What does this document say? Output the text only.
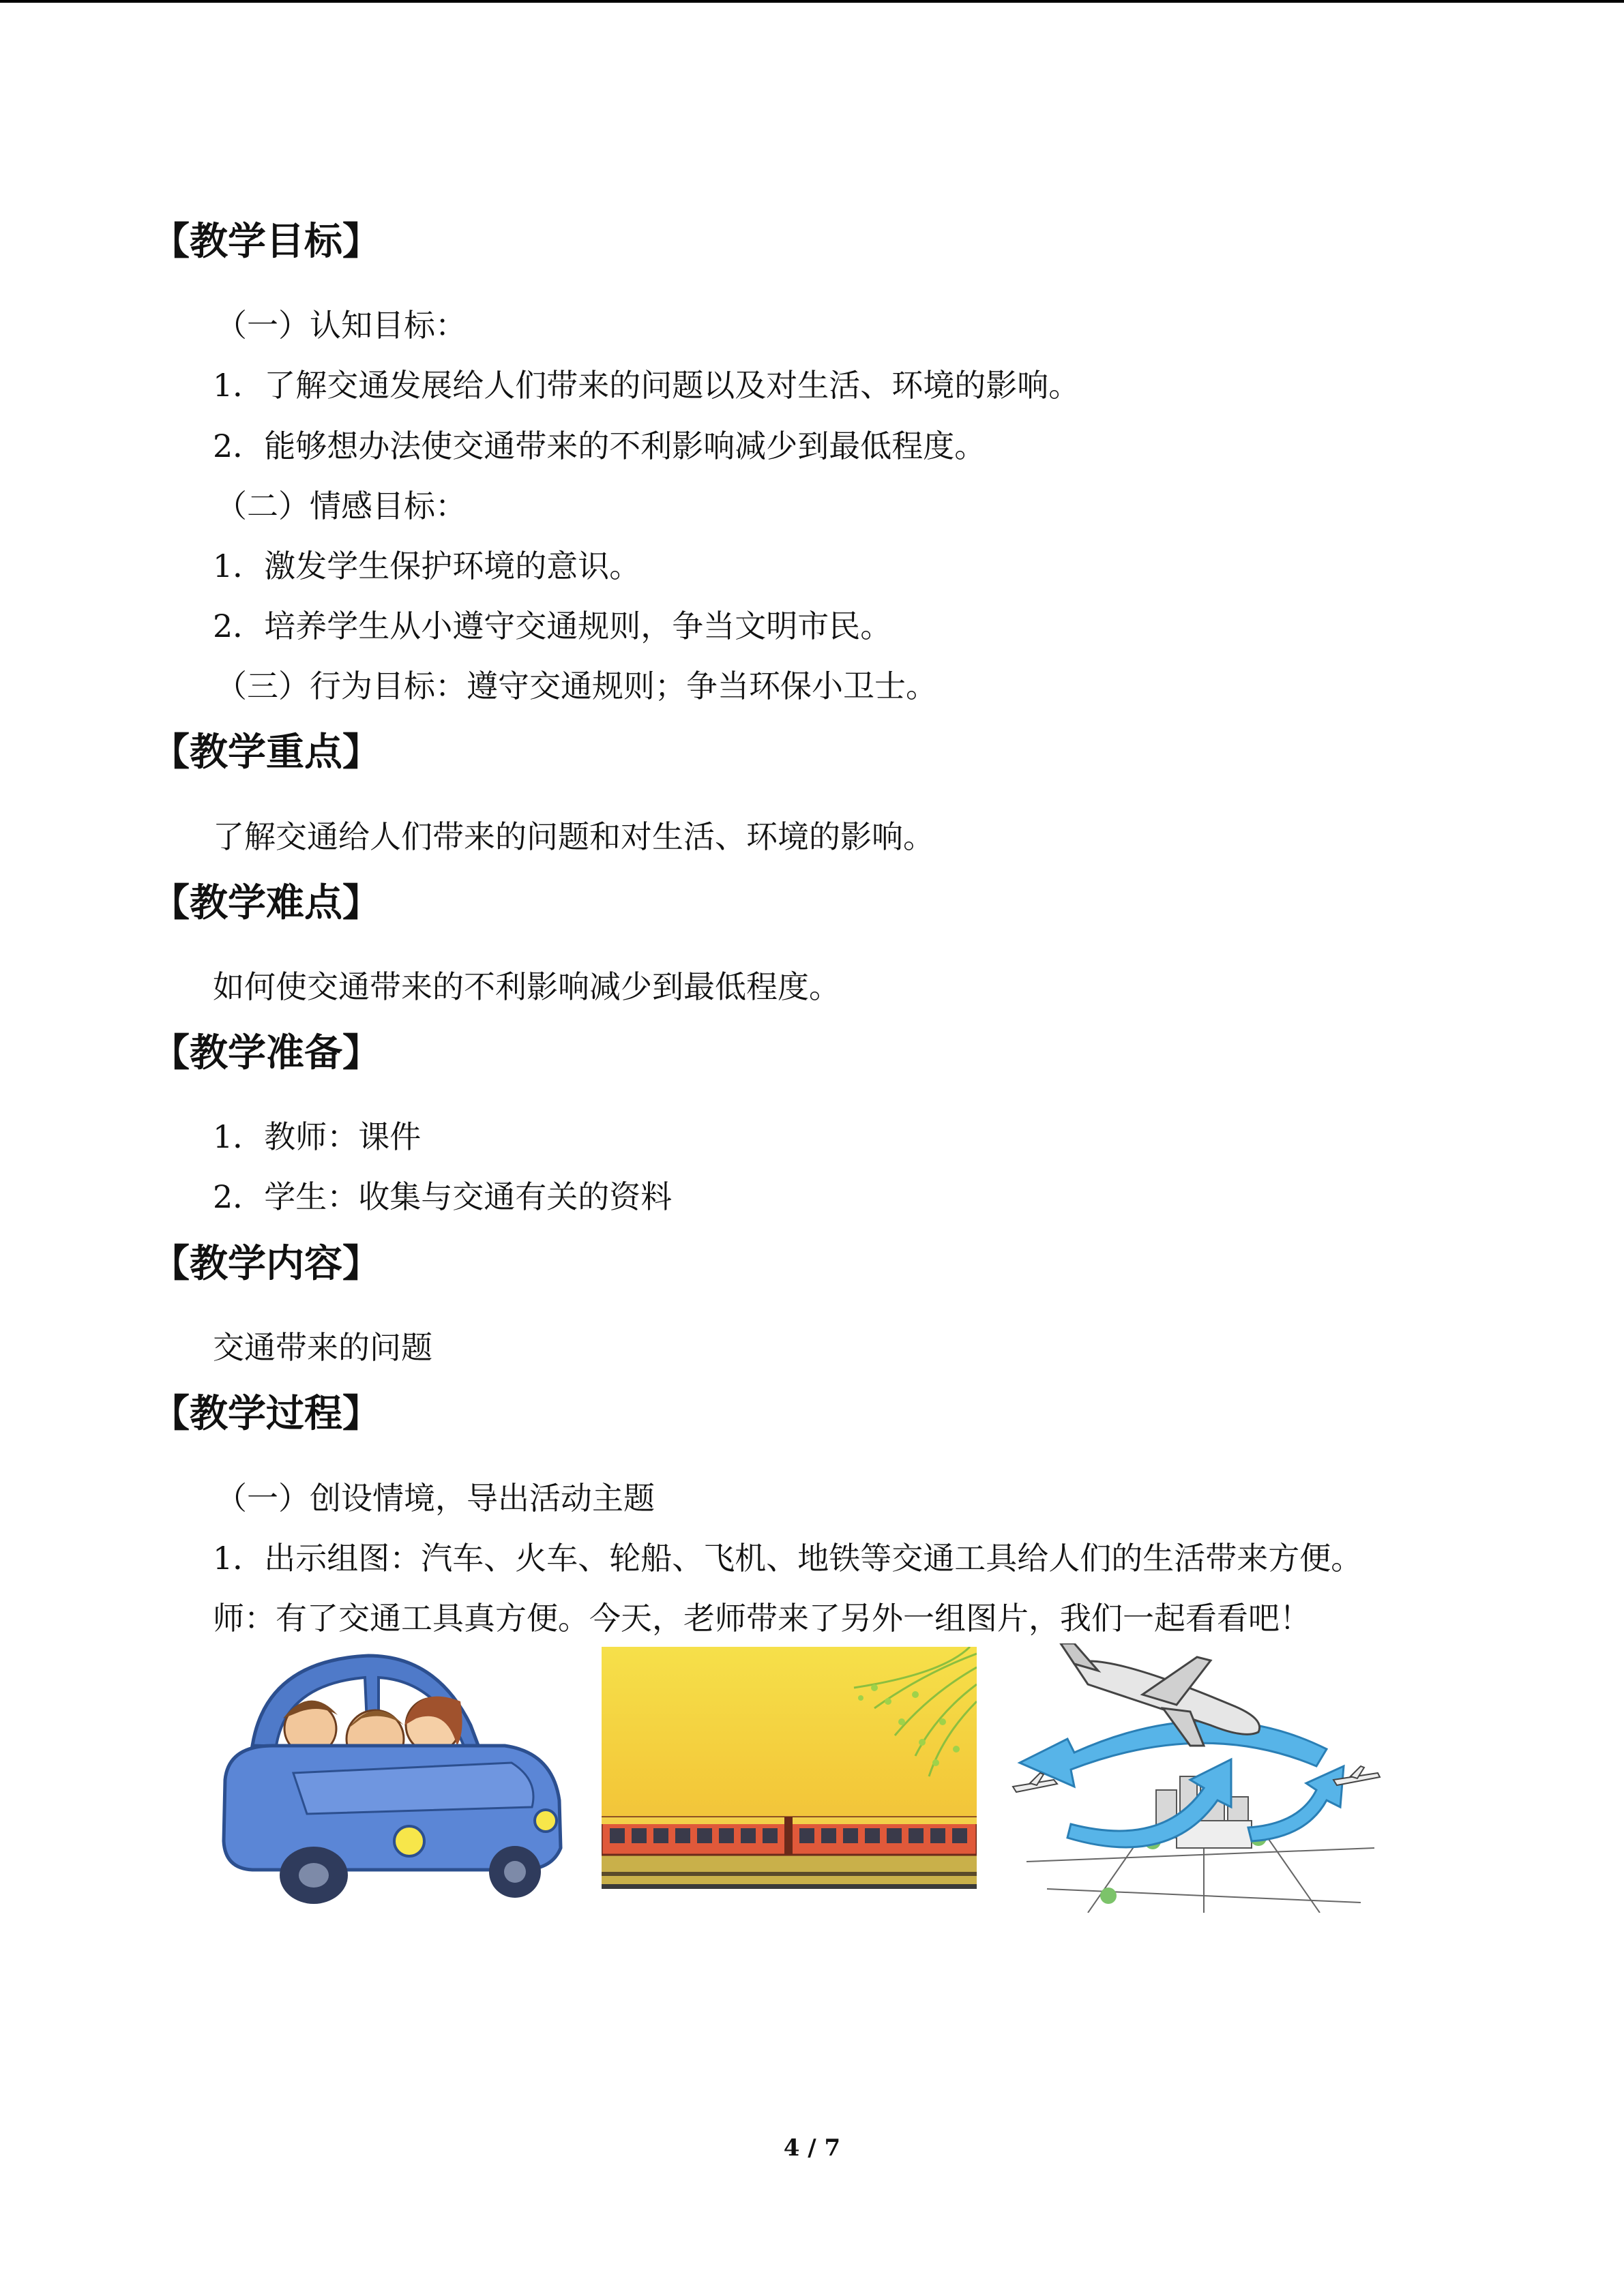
【教学目标】
（一）认知目标：
1．了解交通发展给人们带来的问题以及对生活、环境的影响。
2．能够想办法使交通带来的不利影响减少到最低程度。
（二）情感目标：
1．激发学生保护环境的意识。
2．培养学生从小遵守交通规则，争当文明市民。
（三）行为目标：遵守交通规则；争当环保小卫士。
【教学重点】
了解交通给人们带来的问题和对生活、环境的影响。
【教学难点】
如何使交通带来的不利影响减少到最低程度。
【教学准备】
1．教师：课件
2．学生：收集与交通有关的资料
【教学内容】
交通带来的问题
【教学过程】
（一）创设情境，导出活动主题
1．出示组图：汽车、火车、轮船、飞机、地铁等交通工具给人们的生活带来方便。
师：有了交通工具真方便。今天，老师带来了另外一组图片，我们一起看看吧！
4 / 7
